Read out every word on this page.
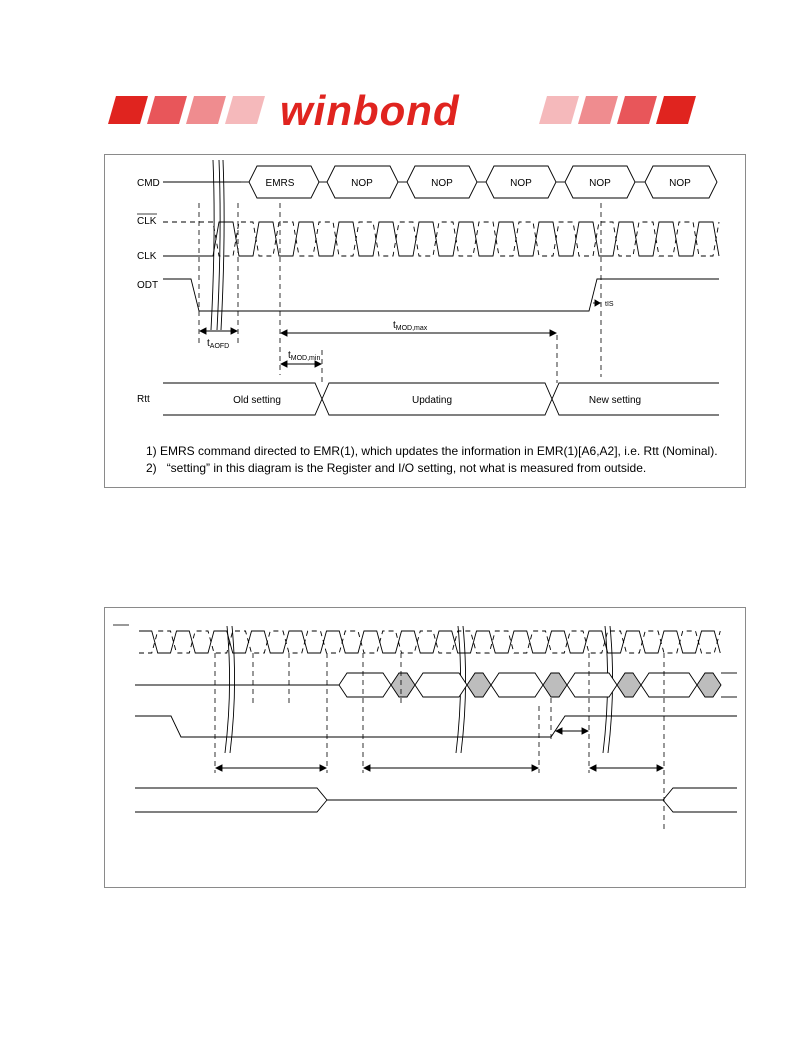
winbond
CMD
CLK
CLK
ODT
Rtt
EMRS	NOP	NOP	NOP	NOP	NOP
$t_{AOFD}$
$t_{MOD,max}$
$t_{MOD,min}$
tIS
Old setting	Updating	New setting
1) EMRS command directed to EMR(1), which updates the information in EMR(1)[A6,A2], i.e. Rtt (Nominal).
2) “setting” in this diagram is the Register and I/O setting, not what is measured from outside.
